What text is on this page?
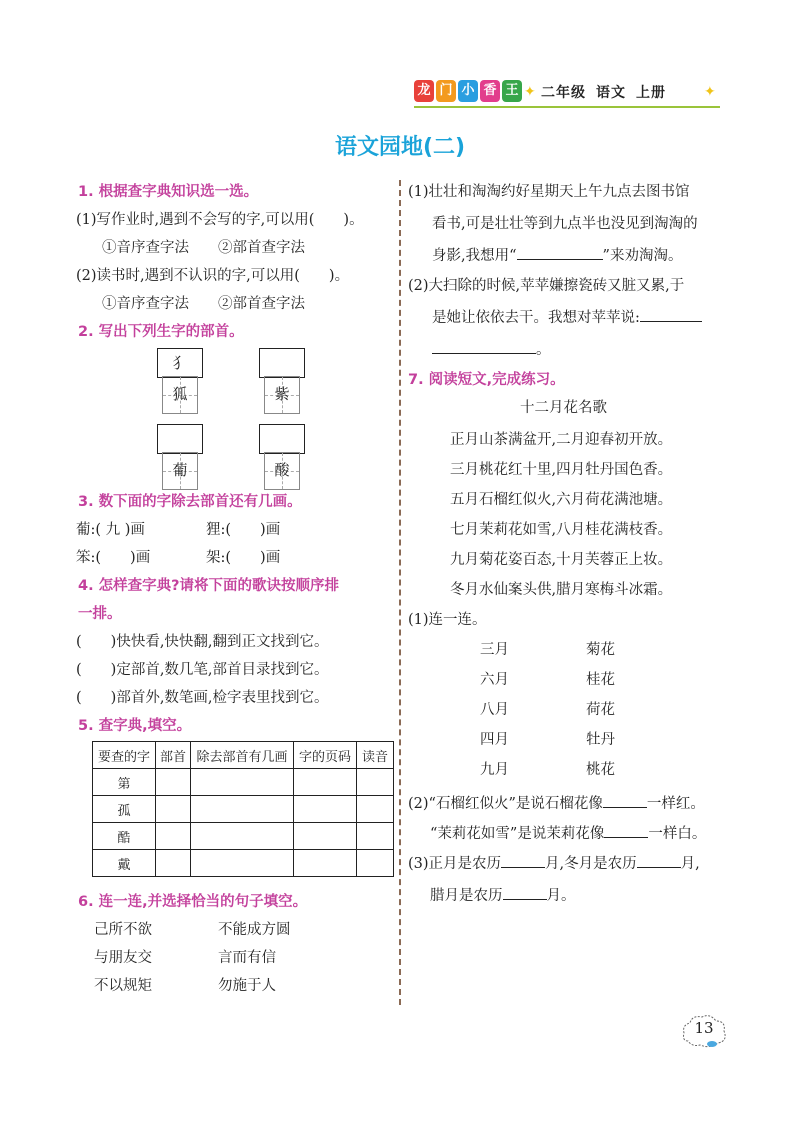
龙 门 小 香 王 ✦ 二年级 语文 上册	✦
语文园地(二)
1. 根据查字典知识选一选。
(1)写作业时,遇到不会写的字,可以用(　　)。
①音序查字法　　②部首查字法
(2)读书时,遇到不认识的字,可以用(　　)。
①音序查字法　　②部首查字法
2. 写出下列生字的部首。
犭
狐	紫
葡	酸
3. 数下面的字除去部首还有几画。
葡:( 九 )画	狸:(　　)画
笨:(　　)画	架:(　　)画
4. 怎样查字典?请将下面的歌诀按顺序排
一排。
(　　)快快看,快快翻,翻到正文找到它。
(　　)定部首,数几笔,部首目录找到它。
(　　)部首外,数笔画,检字表里找到它。
5. 查字典,填空。
要查的字	部首	除去部首有几画	字的页码	读音
第				
孤				
酷				
戴				
6. 连一连,并选择恰当的句子填空。
己所不欲	不能成方圆
与朋友交	言而有信
不以规矩	勿施于人
(1)壮壮和淘淘约好星期天上午九点去图书馆
看书,可是壮壮等到九点半也没见到淘淘的
身影,我想用“	”来劝淘淘。
(2)大扫除的时候,苹苹嫌擦瓷砖又脏又累,于
是她让依依去干。我想对苹苹说:
。
7. 阅读短文,完成练习。
十二月花名歌
正月山茶满盆开,二月迎春初开放。
三月桃花红十里,四月牡丹国色香。
五月石榴红似火,六月荷花满池塘。
七月茉莉花如雪,八月桂花满枝香。
九月菊花姿百态,十月芙蓉正上妆。
冬月水仙案头供,腊月寒梅斗冰霜。
(1)连一连。
三月	菊花
六月	桂花
八月	荷花
四月	牡丹
九月	桃花
(2)“石榴红似火”是说石榴花像	一样红。
“茉莉花如雪”是说茉莉花像	一样白。
(3)正月是农历	月,冬月是农历	月,
腊月是农历	月。
13
